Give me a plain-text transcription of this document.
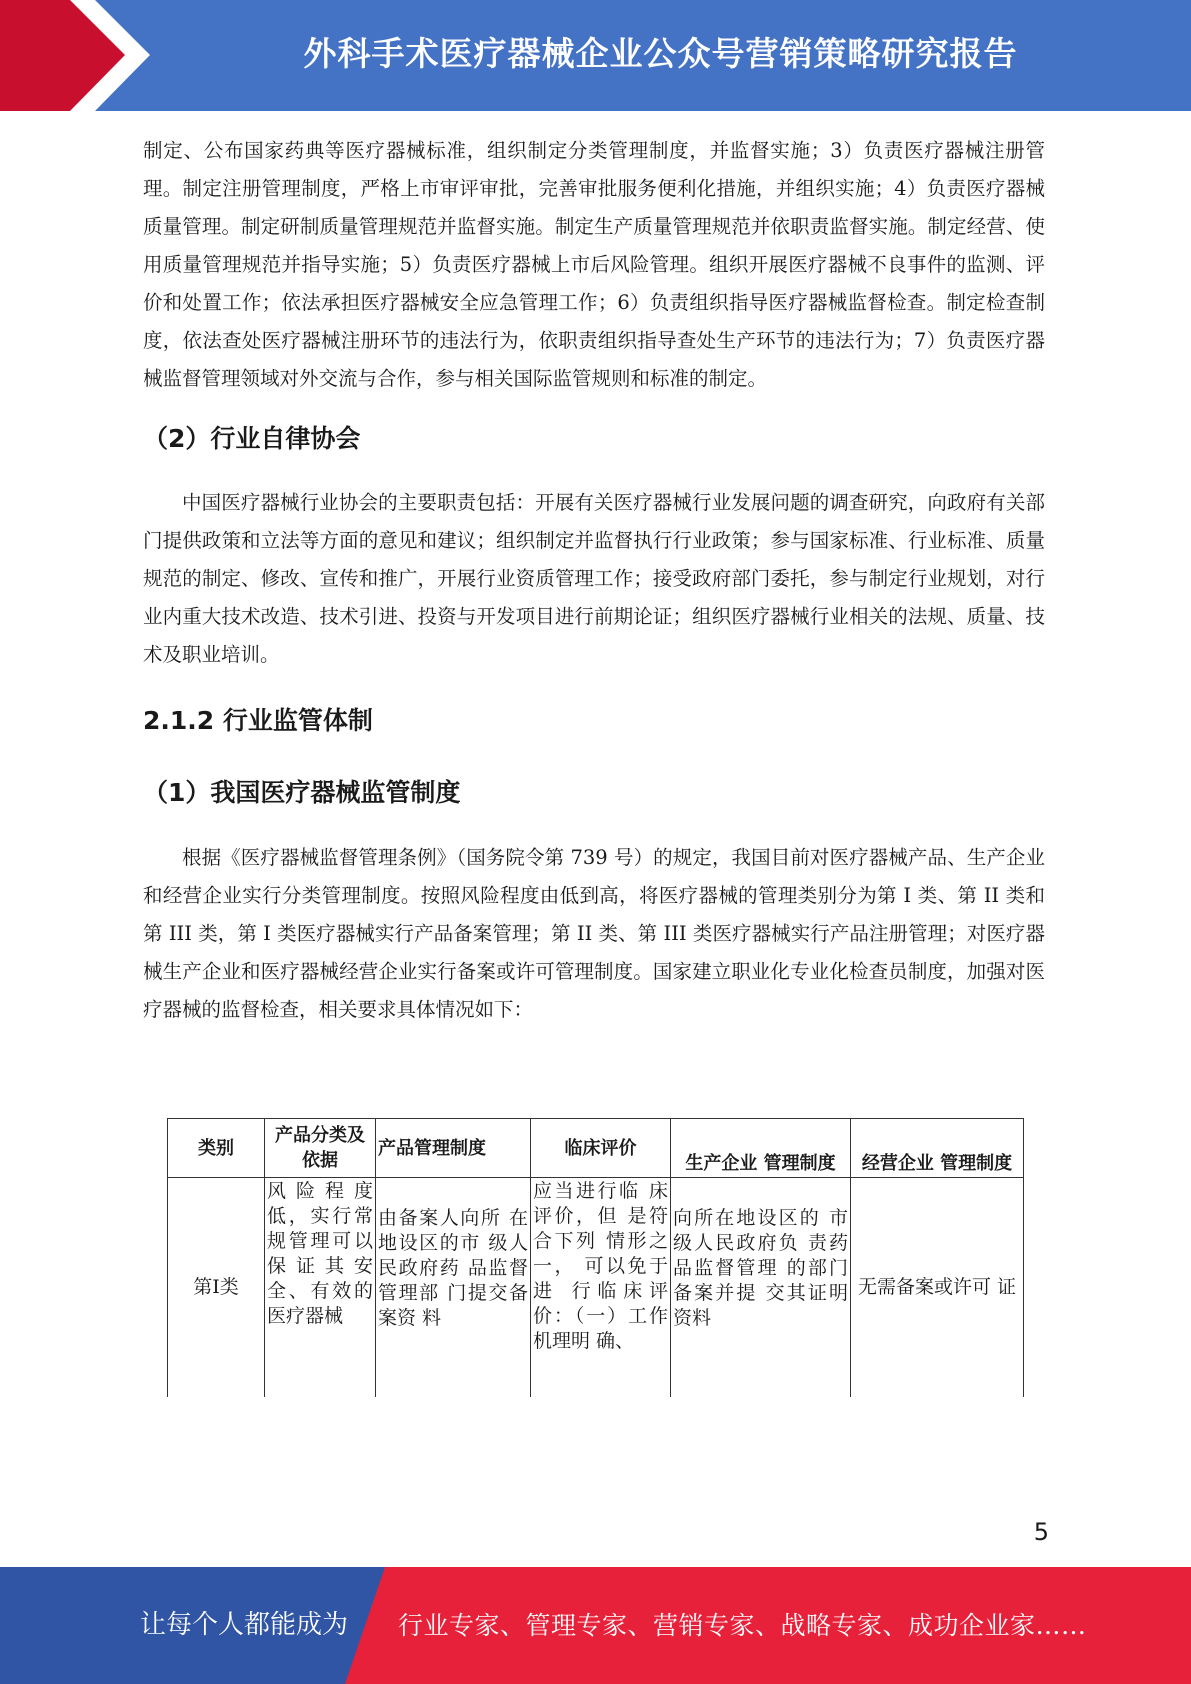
外科手术医疗器械企业公众号营销策略研究报告

制定、公布国家药典等医疗器械标准，组织制定分类管理制度，并监督实施；3）负责医疗器械注册管理。制定注册管理制度，严格上市审评审批，完善审批服务便利化措施，并组织实施；4）负责医疗器械质量管理。制定研制质量管理规范并监督实施。制定生产质量管理规范并依职责监督实施。制定经营、使用质量管理规范并指导实施；5）负责医疗器械上市后风险管理。组织开展医疗器械不良事件的监测、评价和处置工作；依法承担医疗器械安全应急管理工作；6）负责组织指导医疗器械监督检查。制定检查制度，依法查处医疗器械注册环节的违法行为，依职责组织指导查处生产环节的违法行为；7）负责医疗器械监督管理领域对外交流与合作，参与相关国际监管规则和标准的制定。

（2）行业自律协会

中国医疗器械行业协会的主要职责包括：开展有关医疗器械行业发展问题的调查研究，向政府有关部门提供政策和立法等方面的意见和建议；组织制定并监督执行行业政策；参与国家标准、行业标准、质量规范的制定、修改、宣传和推广，开展行业资质管理工作；接受政府部门委托，参与制定行业规划，对行业内重大技术改造、技术引进、投资与开发项目进行前期论证；组织医疗器械行业相关的法规、质量、技术及职业培训。

2.1.2 行业监管体制
（1）我国医疗器械监管制度

根据《医疗器械监督管理条例》（国务院令第 739 号）的规定，我国目前对医疗器械产品、生产企业和经营企业实行分类管理制度。按照风险程度由低到高，将医疗器械的管理类别分为第 I 类、第 II 类和第 III 类，第 I 类医疗器械实行产品备案管理；第 II 类、第 III 类医疗器械实行产品注册管理；对医疗器械生产企业和医疗器械经营企业实行备案或许可管理制度。国家建立职业化专业化检查员制度，加强对医疗器械的监督检查，相关要求具体情况如下：

类别	产品分类及依据	产品管理制度	临床评价	生产企业 管理制度	经营企业 管理制度
第Ⅰ类	风险程度低，实行常规管理可以保证其安全、有效的医疗器械	由备案人向所 在地设区的市 级人民政府药 品监督管理部 门提交备案资 料	应当进行临 床评价，但 是符合下列 情形之一， 可以免于进 行临床评价：（一）工作机理明 确、	向所在地设区的 市级人民政府负 责药品监督管理 的部门备案并提 交其证明资料	无需备案或许可 证
5
让每个人都能成为 行业专家、管理专家、营销专家、战略专家、成功企业家……
